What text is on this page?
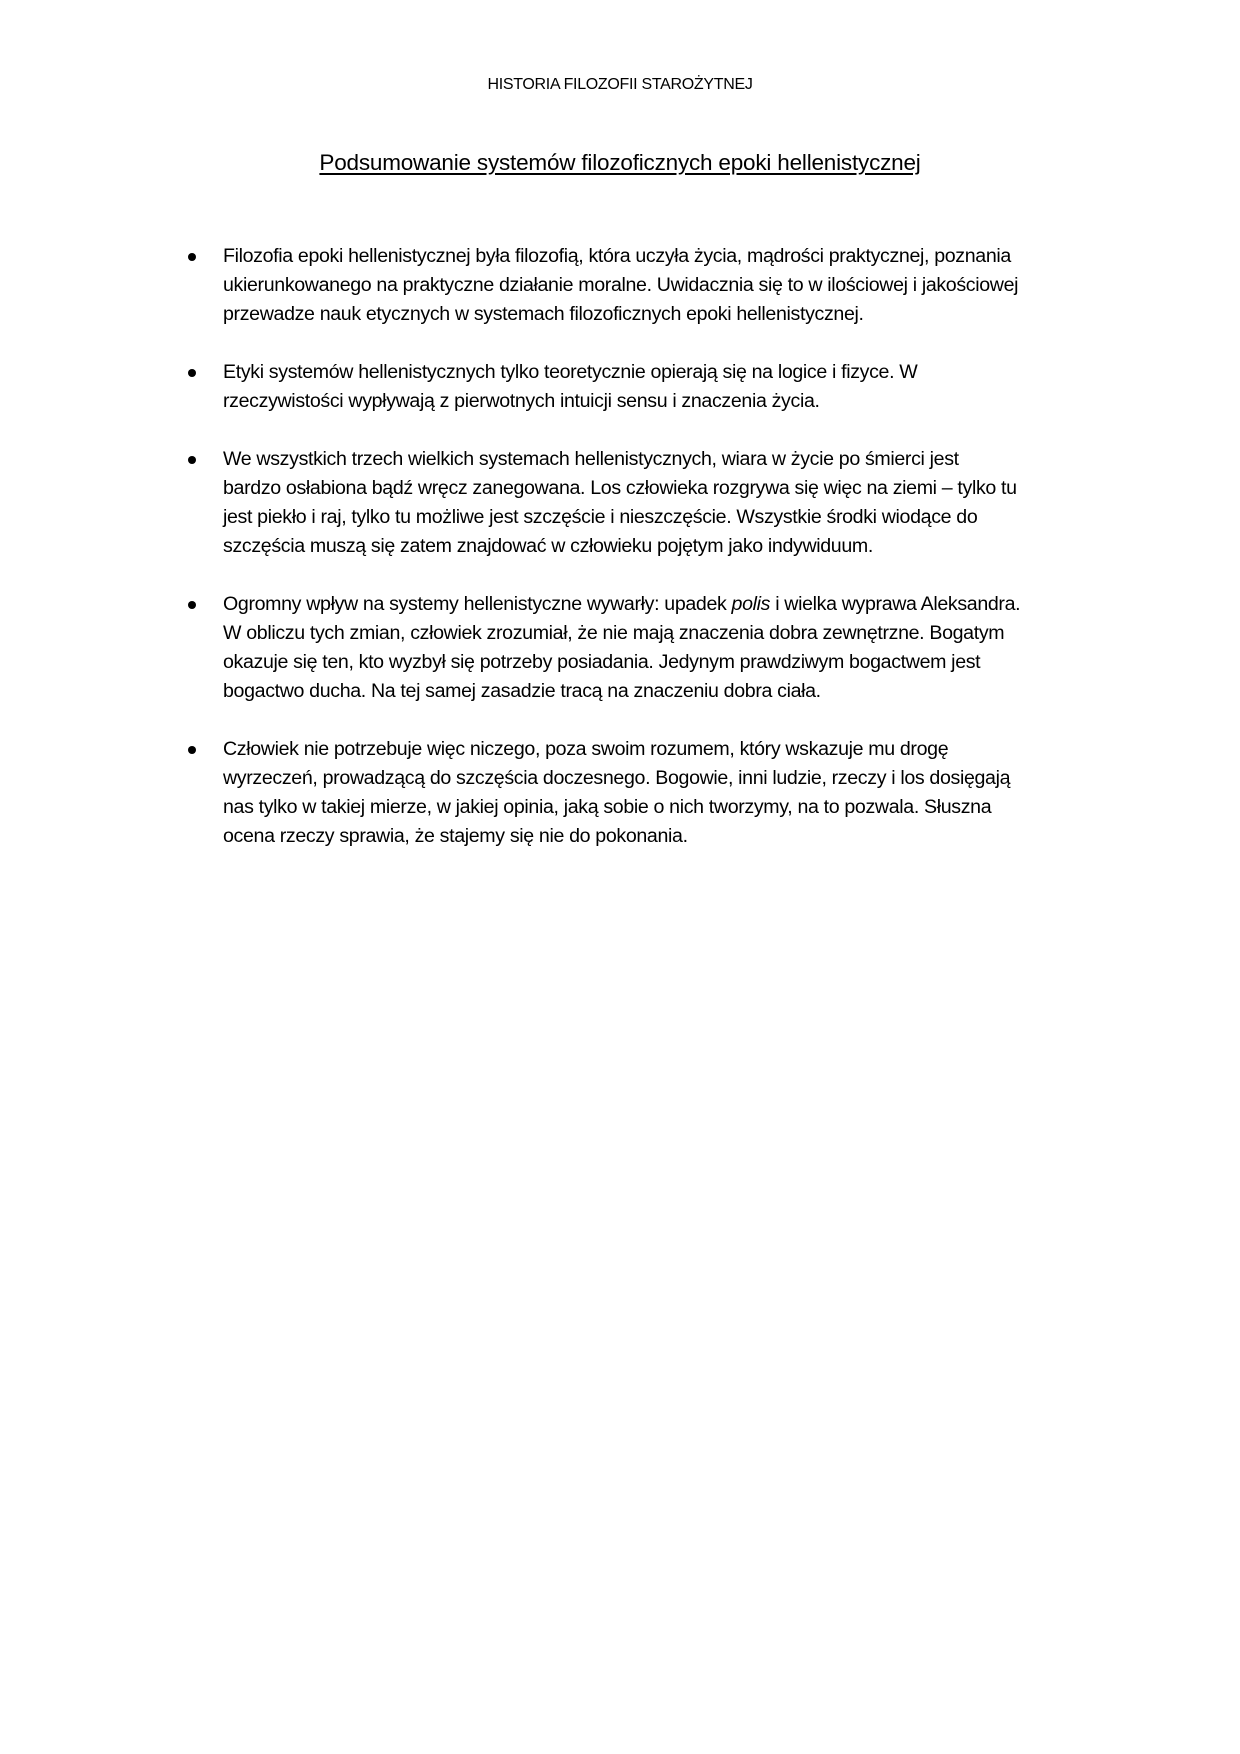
HISTORIA FILOZOFII STAROŻYTNEJ
Podsumowanie systemów filozoficznych epoki hellenistycznej
Filozofia epoki hellenistycznej była filozofią, która uczyła życia, mądrości praktycznej, poznania
ukierunkowanego na praktyczne działanie moralne. Uwidacznia się to w ilościowej i jakościowej
przewadze nauk etycznych w systemach filozoficznych epoki hellenistycznej.
Etyki systemów hellenistycznych tylko teoretycznie opierają się na logice i fizyce. W
rzeczywistości wypływają z pierwotnych intuicji sensu i znaczenia życia.
We wszystkich trzech wielkich systemach hellenistycznych, wiara w życie po śmierci jest
bardzo osłabiona bądź wręcz zanegowana. Los człowieka rozgrywa się więc na ziemi – tylko tu
jest piekło i raj, tylko tu możliwe jest szczęście i nieszczęście. Wszystkie środki wiodące do
szczęścia muszą się zatem znajdować w człowieku pojętym jako indywiduum.
Ogromny wpływ na systemy hellenistyczne wywarły: upadek polis i wielka wyprawa Aleksandra.
W obliczu tych zmian, człowiek zrozumiał, że nie mają znaczenia dobra zewnętrzne. Bogatym
okazuje się ten, kto wyzbył się potrzeby posiadania. Jedynym prawdziwym bogactwem jest
bogactwo ducha. Na tej samej zasadzie tracą na znaczeniu dobra ciała.
Człowiek nie potrzebuje więc niczego, poza swoim rozumem, który wskazuje mu drogę
wyrzeczeń, prowadzącą do szczęścia doczesnego. Bogowie, inni ludzie, rzeczy i los dosięgają
nas tylko w takiej mierze, w jakiej opinia, jaką sobie o nich tworzymy, na to pozwala. Słuszna
ocena rzeczy sprawia, że stajemy się nie do pokonania.
